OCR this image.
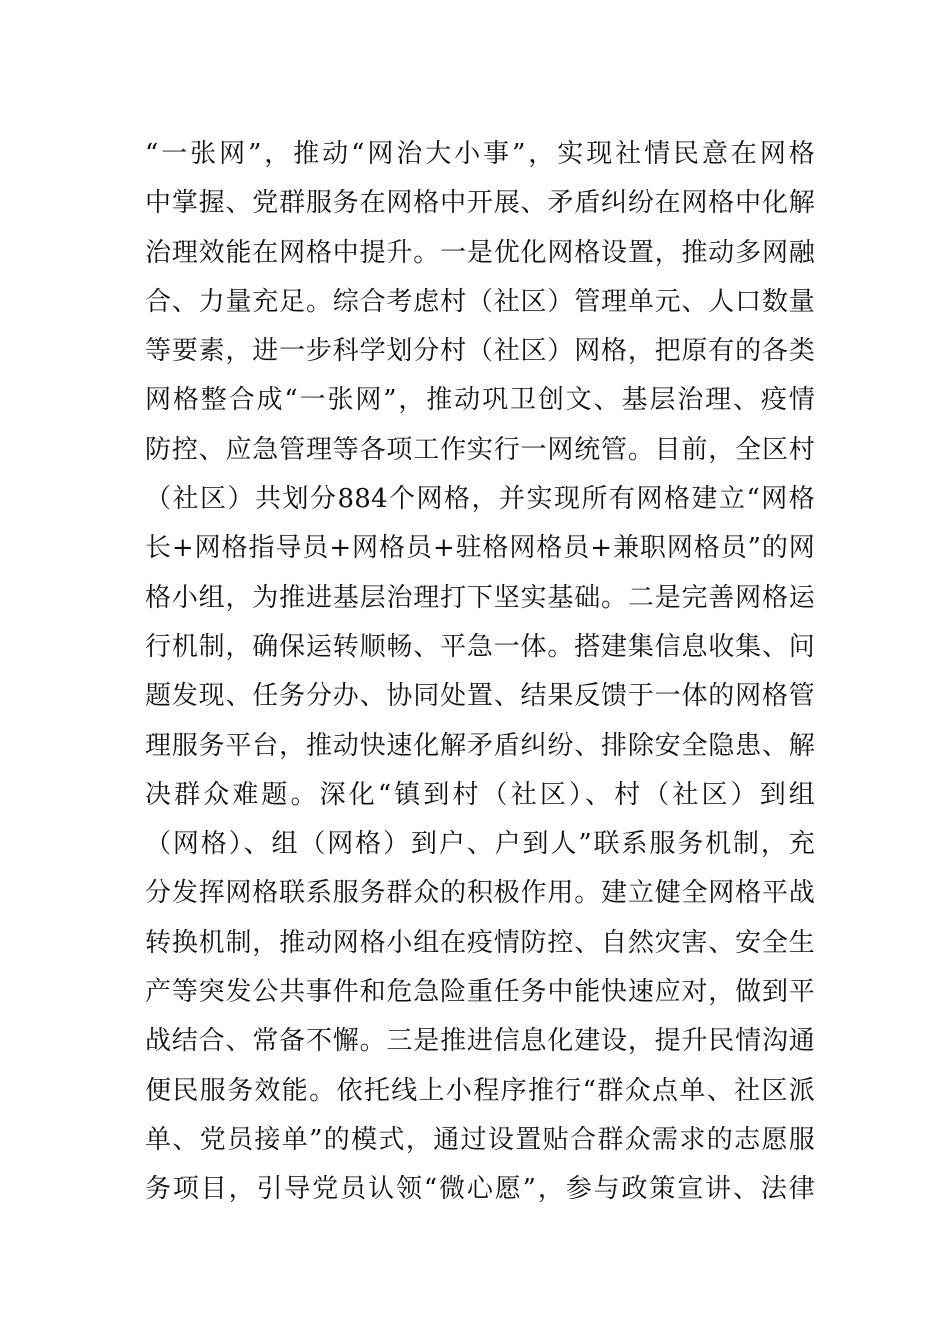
“一张网”，推动“网治大小事”，实现社情民意在网格
中掌握、党群服务在网格中开展、矛盾纠纷在网格中化解
治理效能在网格中提升。一是优化网格设置，推动多网融
合、力量充足。综合考虑村（社区）管理单元、人口数量
等要素，进一步科学划分村（社区）网格，把原有的各类
网格整合成“一张网”，推动巩卫创文、基层治理、疫情
防控、应急管理等各项工作实行一网统管。目前，全区村
（社区）共划分884个网格，并实现所有网格建立“网格
长+网格指导员+网格员+驻格网格员+兼职网格员”的网
格小组，为推进基层治理打下坚实基础。二是完善网格运
行机制，确保运转顺畅、平急一体。搭建集信息收集、问
题发现、任务分办、协同处置、结果反馈于一体的网格管
理服务平台，推动快速化解矛盾纠纷、排除安全隐患、解
决群众难题。深化“镇到村（社区）、村（社区）到组
（网格）、组（网格）到户、户到人”联系服务机制，充
分发挥网格联系服务群众的积极作用。建立健全网格平战
转换机制，推动网格小组在疫情防控、自然灾害、安全生
产等突发公共事件和危急险重任务中能快速应对，做到平
战结合、常备不懈。三是推进信息化建设，提升民情沟通
便民服务效能。依托线上小程序推行“群众点单、社区派
单、党员接单”的模式，通过设置贴合群众需求的志愿服
务项目，引导党员认领“微心愿”，参与政策宣讲、法律
